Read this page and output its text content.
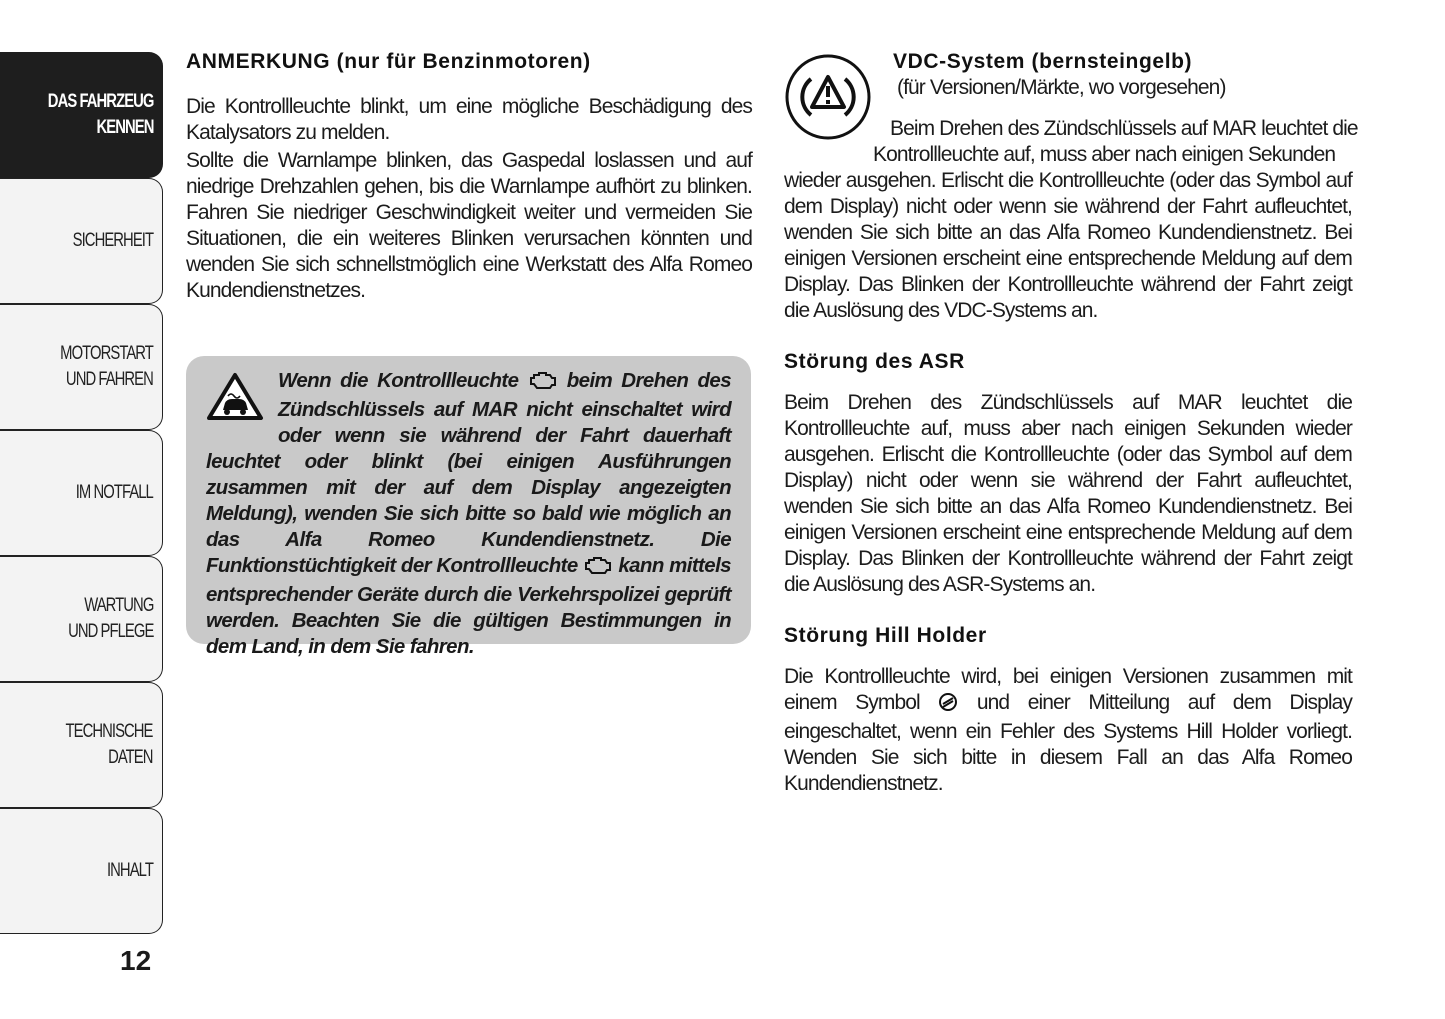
DAS FAHRZEUG
KENNEN
SICHERHEIT
MOTORSTART
UND FAHREN
IM NOTFALL
WARTUNG
UND PFLEGE
TECHNISCHE
DATEN
INHALT
12
ANMERKUNG (nur für Benzinmotoren)

Die Kontrollleuchte blinkt, um eine mögliche Beschädigung des Katalysators zu melden.

Sollte die Warnlampe blinken, das Gaspedal loslassen und auf niedrige Drehzahlen gehen, bis die Warnlampe aufhört zu blinken. Fahren Sie niedriger Geschwindigkeit weiter und vermeiden Sie Situationen, die ein weiteres Blinken verursachen könnten und wenden Sie sich schnellstmöglich eine Werkstatt des Alfa Romeo Kundendienstnetzes.

Wenn die Kontrollleuchte beim Drehen des Zündschlüssels auf MAR nicht einschaltet wird oder wenn sie während der Fahrt dauerhaft leuchtet oder blinkt (bei einigen Ausführungen zusammen mit der auf dem Display angezeigten Meldung), wenden Sie sich bitte so bald wie möglich an das Alfa Romeo Kundendienstnetz. Die Funktionstüchtigkeit der Kontrollleuchte kann mittels entsprechender Geräte durch die Verkehrspolizei geprüft werden. Beachten Sie die gültigen Bestimmungen in dem Land, in dem Sie fahren.

VDC-System (bernsteingelb)

(für Versionen/Märkte, wo vorgesehen)

Beim Drehen des Zündschlüssels auf MAR leuchtet die

Kontrollleuchte auf, muss aber nach einigen Sekunden

wieder ausgehen. Erlischt die Kontrollleuchte (oder das Symbol auf dem Display) nicht oder wenn sie während der Fahrt aufleuchtet, wenden Sie sich bitte an das Alfa Romeo Kundendienstnetz. Bei einigen Versionen erscheint eine entsprechende Meldung auf dem Display. Das Blinken der Kontrollleuchte während der Fahrt zeigt die Auslösung des VDC-Systems an.

Störung des ASR

Beim Drehen des Zündschlüssels auf MAR leuchtet die Kontrollleuchte auf, muss aber nach einigen Sekunden wieder ausgehen. Erlischt die Kontrollleuchte (oder das Symbol auf dem Display) nicht oder wenn sie während der Fahrt aufleuchtet, wenden Sie sich bitte an das Alfa Romeo Kundendienstnetz. Bei einigen Versionen erscheint eine entsprechende Meldung auf dem Display. Das Blinken der Kontrollleuchte während der Fahrt zeigt die Auslösung des ASR-Systems an.

Störung Hill Holder

Die Kontrollleuchte wird, bei einigen Versionen zusammen mit einem Symbol	und einer Mitteilung auf dem Display eingeschaltet, wenn ein Fehler des Systems Hill Holder vorliegt. Wenden Sie sich bitte in diesem Fall an das Alfa Romeo Kundendienstnetz.
